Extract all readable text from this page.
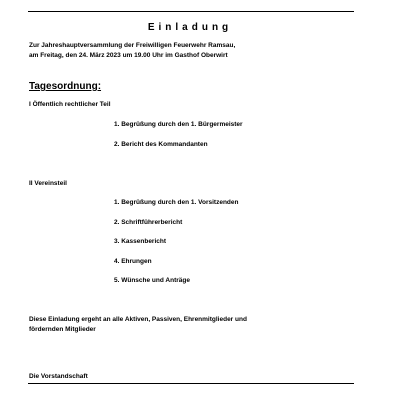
Einladung
Zur Jahreshauptversammlung der Freiwilligen Feuerwehr Ramsau,
am Freitag, den 24. März 2023 um 19.00 Uhr im Gasthof Oberwirt
Tagesordnung:
I Öffentlich rechtlicher Teil
1. Begrüßung durch den 1. Bürgermeister
2. Bericht des Kommandanten
II Vereinsteil
1. Begrüßung durch den 1. Vorsitzenden
2. Schriftführerbericht
3. Kassenbericht
4. Ehrungen
5. Wünsche und Anträge
Diese Einladung ergeht an alle Aktiven, Passiven, Ehrenmitglieder und
fördernden Mitglieder
Die Vorstandschaft
